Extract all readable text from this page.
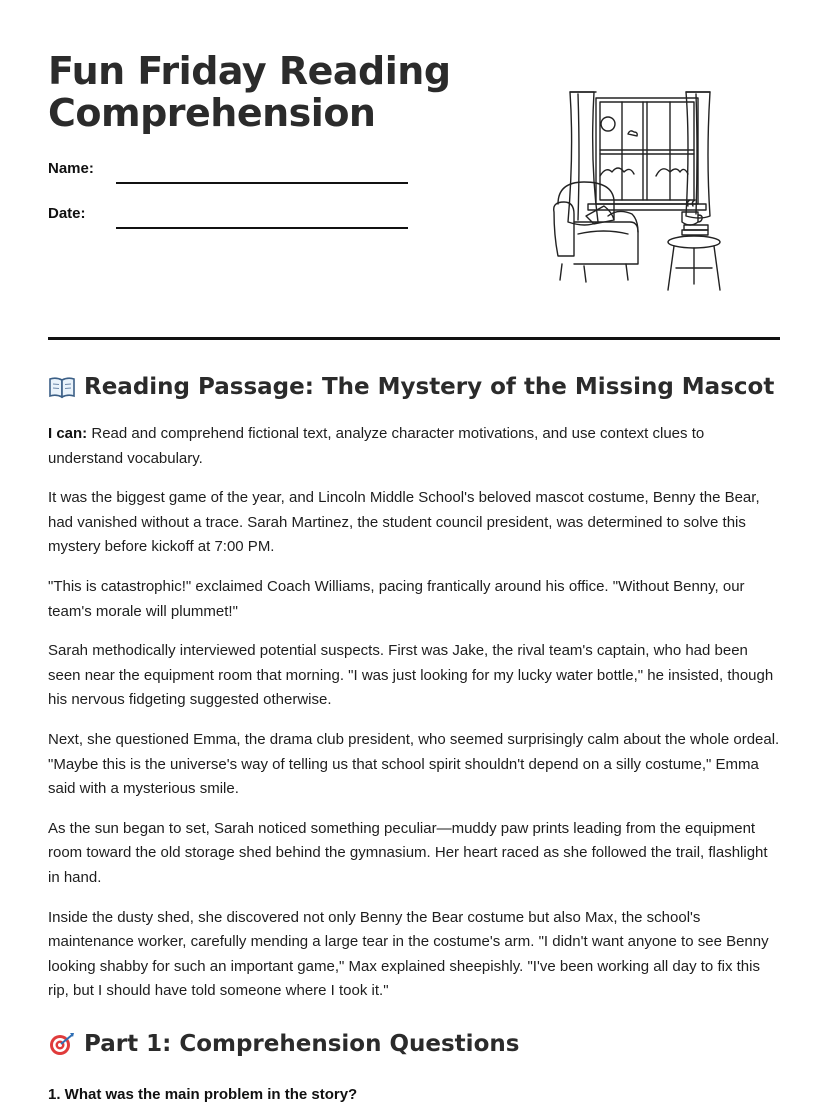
Fun Friday Reading Comprehension
Name:
Date:
Reading Passage: The Mystery of the Missing Mascot

I can: Read and comprehend fictional text, analyze character motivations, and use context clues to understand vocabulary.

It was the biggest game of the year, and Lincoln Middle School's beloved mascot costume, Benny the Bear, had vanished without a trace. Sarah Martinez, the student council president, was determined to solve this mystery before kickoff at 7:00 PM.

"This is catastrophic!" exclaimed Coach Williams, pacing frantically around his office. "Without Benny, our team's morale will plummet!"

Sarah methodically interviewed potential suspects. First was Jake, the rival team's captain, who had been seen near the equipment room that morning. "I was just looking for my lucky water bottle," he insisted, though his nervous fidgeting suggested otherwise.

Next, she questioned Emma, the drama club president, who seemed surprisingly calm about the whole ordeal. "Maybe this is the universe's way of telling us that school spirit shouldn't depend on a silly costume," Emma said with a mysterious smile.

As the sun began to set, Sarah noticed something peculiar—muddy paw prints leading from the equipment room toward the old storage shed behind the gymnasium. Her heart raced as she followed the trail, flashlight in hand.

Inside the dusty shed, she discovered not only Benny the Bear costume but also Max, the school's maintenance worker, carefully mending a large tear in the costume's arm. "I didn't want anyone to see Benny looking shabby for such an important game," Max explained sheepishly. "I've been working all day to fix this rip, but I should have told someone where I took it."

Part 1: Comprehension Questions

1. What was the main problem in the story?
